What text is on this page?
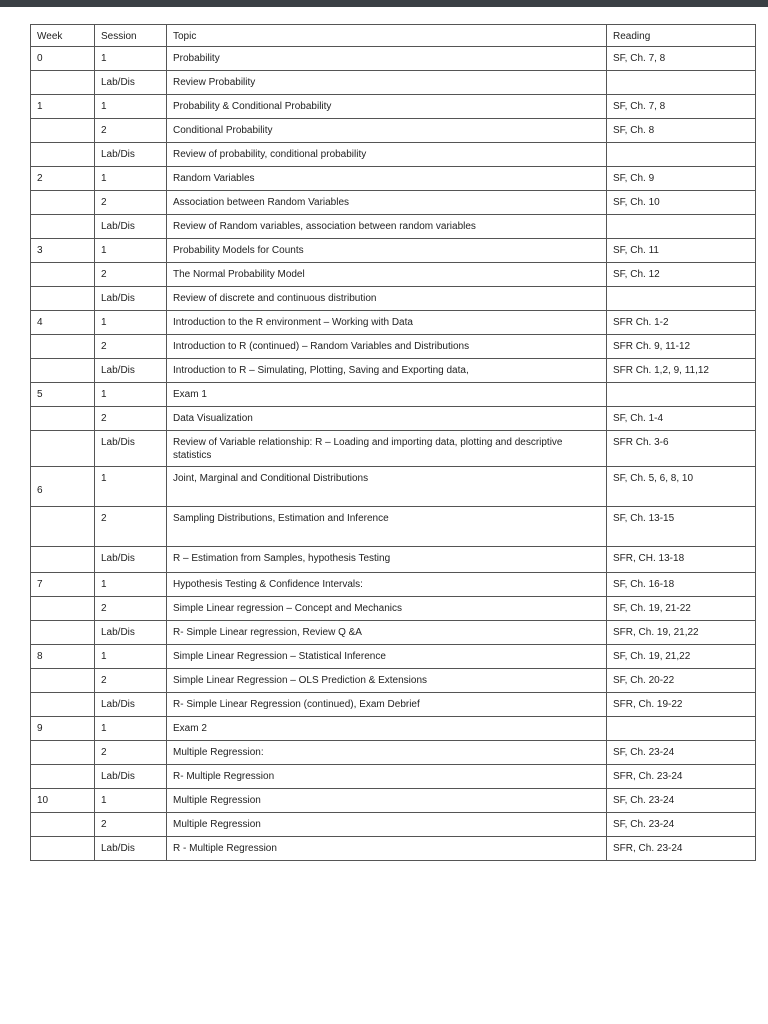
Week	Session	Topic	Reading
0	1	Probability	SF, Ch. 7, 8
	Lab/Dis	Review Probability	
1	1	Probability & Conditional Probability	SF, Ch. 7, 8
	2	Conditional Probability	SF, Ch. 8
	Lab/Dis	Review of probability, conditional probability	
2	1	Random Variables	SF, Ch. 9
	2	Association between Random Variables	SF, Ch. 10
	Lab/Dis	Review of Random variables, association between random variables	
3	1	Probability Models for Counts	SF, Ch. 11
	2	The Normal Probability Model	SF, Ch. 12
	Lab/Dis	Review of discrete and continuous distribution	
4	1	Introduction to the R environment – Working with Data	SFR Ch. 1-2
	2	Introduction to R (continued) – Random Variables and Distributions	SFR Ch. 9, 11-12
	Lab/Dis	Introduction to R – Simulating, Plotting, Saving and Exporting data,	SFR Ch. 1,2, 9, 11,12
5	1	Exam 1	
	2	Data Visualization	SF, Ch. 1-4
	Lab/Dis	Review of Variable relationship: R – Loading and importing data, plotting and descriptive statistics	SFR Ch. 3-6
6	1	Joint, Marginal and Conditional Distributions	SF, Ch. 5, 6, 8, 10
	2	Sampling Distributions, Estimation and Inference	SF, Ch. 13-15
	Lab/Dis	R – Estimation from Samples, hypothesis Testing	SFR, CH. 13-18
7	1	Hypothesis Testing & Confidence Intervals:	SF, Ch. 16-18
	2	Simple Linear regression – Concept and Mechanics	SF, Ch. 19, 21-22
	Lab/Dis	R- Simple Linear regression, Review Q &A	SFR, Ch. 19, 21,22
8	1	Simple Linear Regression – Statistical Inference	SF, Ch. 19, 21,22
	2	Simple Linear Regression – OLS Prediction & Extensions	SF, Ch. 20-22
	Lab/Dis	R- Simple Linear Regression (continued), Exam Debrief	SFR, Ch. 19-22
9	1	Exam 2	
	2	Multiple Regression:	SF, Ch. 23-24
	Lab/Dis	R- Multiple Regression	SFR, Ch. 23-24
10	1	Multiple Regression	SF, Ch. 23-24
	2	Multiple Regression	SF, Ch. 23-24
	Lab/Dis	R - Multiple Regression	SFR, Ch. 23-24
